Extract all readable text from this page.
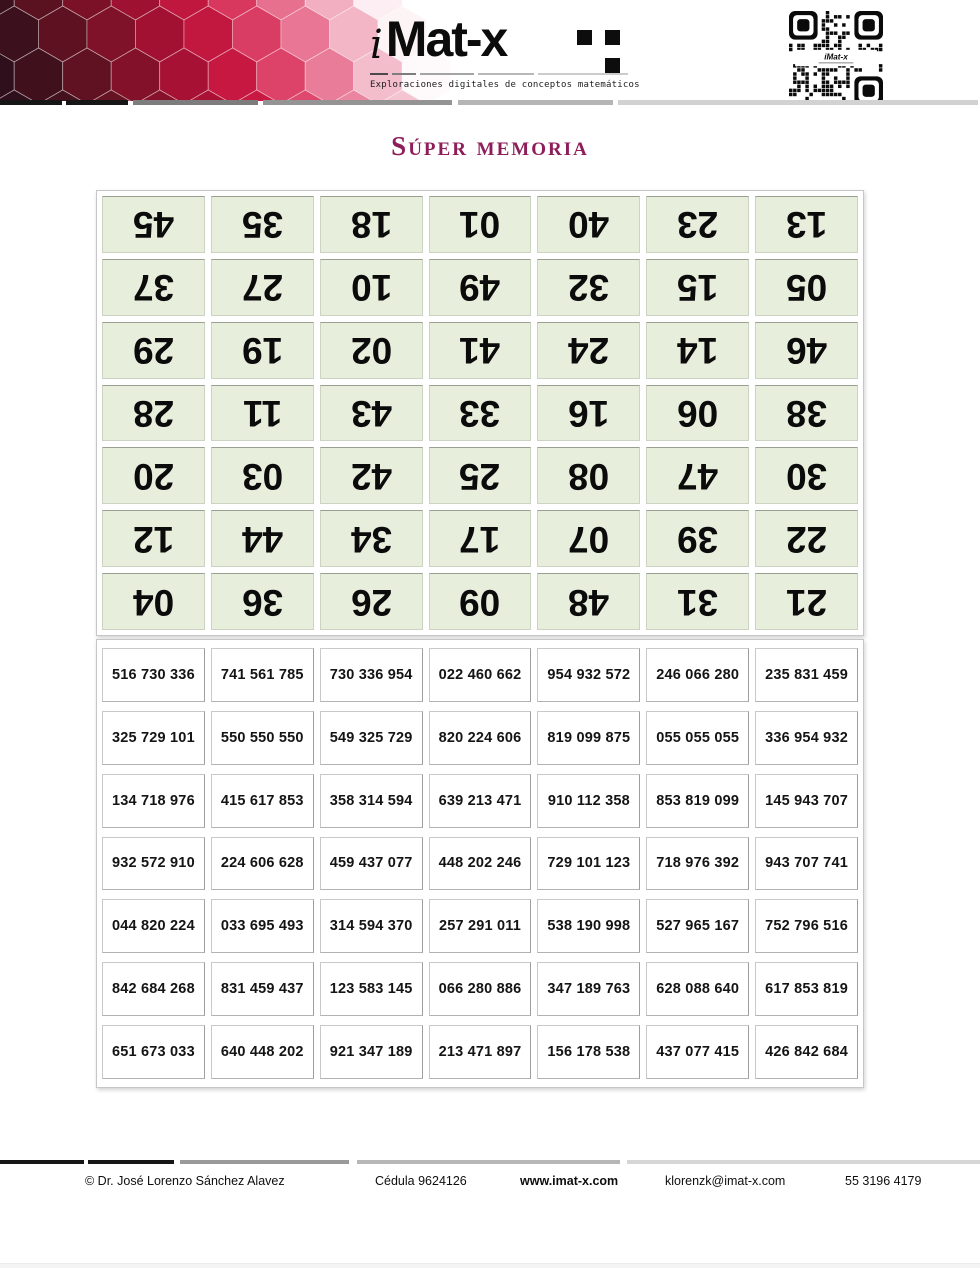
iMat-x
Exploraciones digitales de conceptos matemáticos
iMat-x
Súper memoria
45 35 18 01 40 23 13
37 27 10 49 32 15 05
29 19 02 41 24 14 46
28 11 43 33 16 06 38
20 03 42 25 08 47 30
12 44 34 17 07 39 22
04 36 26 09 48 31 21
516 730 336	741 561 785	730 336 954	022 460 662	954 932 572	246 066 280	235 831 459
325 729 101	550 550 550	549 325 729	820 224 606	819 099 875	055 055 055	336 954 932
134 718 976	415 617 853	358 314 594	639 213 471	910 112 358	853 819 099	145 943 707
932 572 910	224 606 628	459 437 077	448 202 246	729 101 123	718 976 392	943 707 741
044 820 224	033 695 493	314 594 370	257 291 011	538 190 998	527 965 167	752 796 516
842 684 268	831 459 437	123 583 145	066 280 886	347 189 763	628 088 640	617 853 819
651 673 033	640 448 202	921 347 189	213 471 897	156 178 538	437 077 415	426 842 684
© Dr. José Lorenzo Sánchez Alavez	Cédula 9624126	www.imat-x.com	klorenzk@imat-x.com	55 3196 4179
